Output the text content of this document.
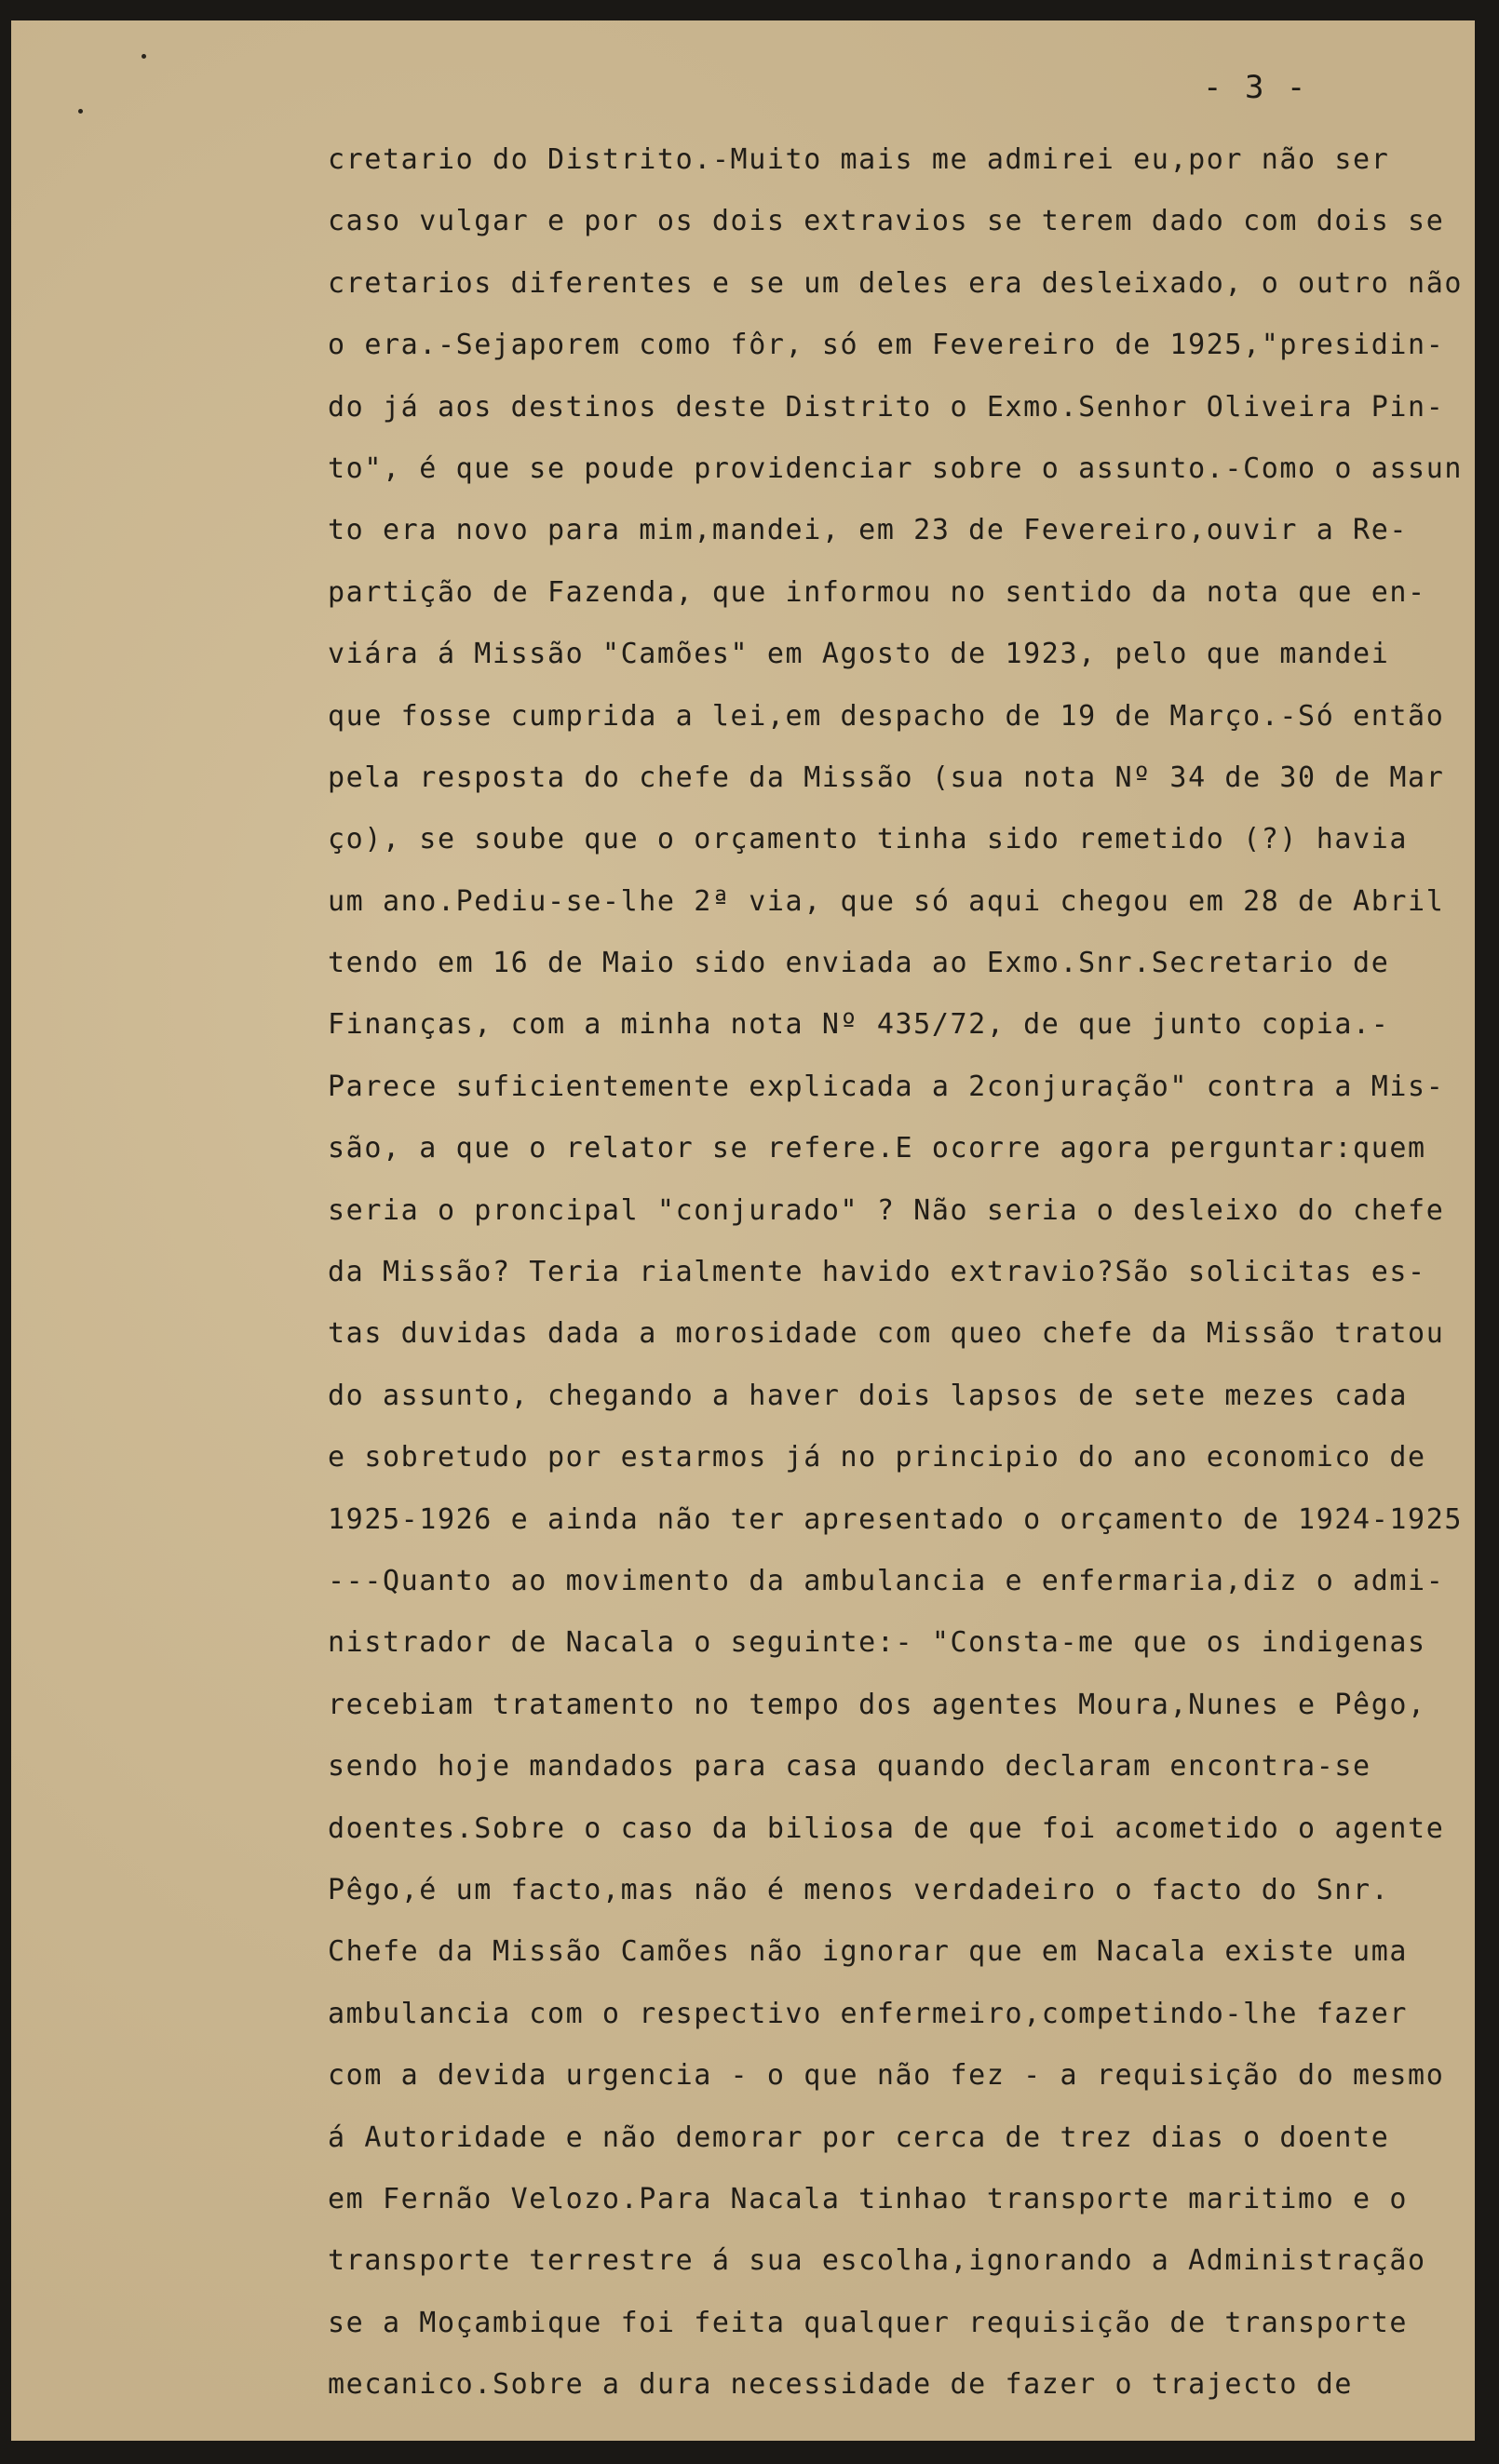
- 3 -
cretario do Distrito.-Muito mais me admirei eu,por não ser
caso vulgar e por os dois extravios se terem dado com dois se
cretarios diferentes e se um deles era desleixado, o outro não
o era.-Sejaporem como fôr, só em Fevereiro de 1925,"presidin-
do já aos destinos deste Distrito o Exmo.Senhor Oliveira Pin-
to", é que se poude providenciar sobre o assunto.-Como o assun
to era novo para mim,mandei, em 23 de Fevereiro,ouvir a Re-
partição de Fazenda, que informou no sentido da nota que en-
viára á Missão "Camões" em Agosto de 1923, pelo que mandei
que fosse cumprida a lei,em despacho de 19 de Março.-Só então
pela resposta do chefe da Missão (sua nota Nº 34 de 30 de Mar
ço), se soube que o orçamento tinha sido remetido (?) havia
um ano.Pediu-se-lhe 2ª via, que só aqui chegou em 28 de Abril
tendo em 16 de Maio sido enviada ao Exmo.Snr.Secretario de
Finanças, com a minha nota Nº 435/72, de que junto copia.-
Parece suficientemente explicada a 2conjuração" contra a Mis-
são, a que o relator se refere.E ocorre agora perguntar:quem
seria o proncipal "conjurado" ? Não seria o desleixo do chefe
da Missão? Teria rialmente havido extravio?São solicitas es-
tas duvidas dada a morosidade com queo chefe da Missão tratou
do assunto, chegando a haver dois lapsos de sete mezes cada
e sobretudo por estarmos já no principio do ano economico de
1925-1926 e ainda não ter apresentado o orçamento de 1924-1925
---Quanto ao movimento da ambulancia e enfermaria,diz o admi-
nistrador de Nacala o seguinte:- "Consta-me que os indigenas
recebiam tratamento no tempo dos agentes Moura,Nunes e Pêgo,
sendo hoje mandados para casa quando declaram encontra-se
doentes.Sobre o caso da biliosa de que foi acometido o agente
Pêgo,é um facto,mas não é menos verdadeiro o facto do Snr.
Chefe da Missão Camões não ignorar que em Nacala existe uma
ambulancia com o respectivo enfermeiro,competindo-lhe fazer
com a devida urgencia - o que não fez - a requisição do mesmo
á Autoridade e não demorar por cerca de trez dias o doente
em Fernão Velozo.Para Nacala tinhao transporte maritimo e o
transporte terrestre á sua escolha,ignorando a Administração
se a Moçambique foi feita qualquer requisição de transporte
mecanico.Sobre a dura necessidade de fazer o trajecto de
